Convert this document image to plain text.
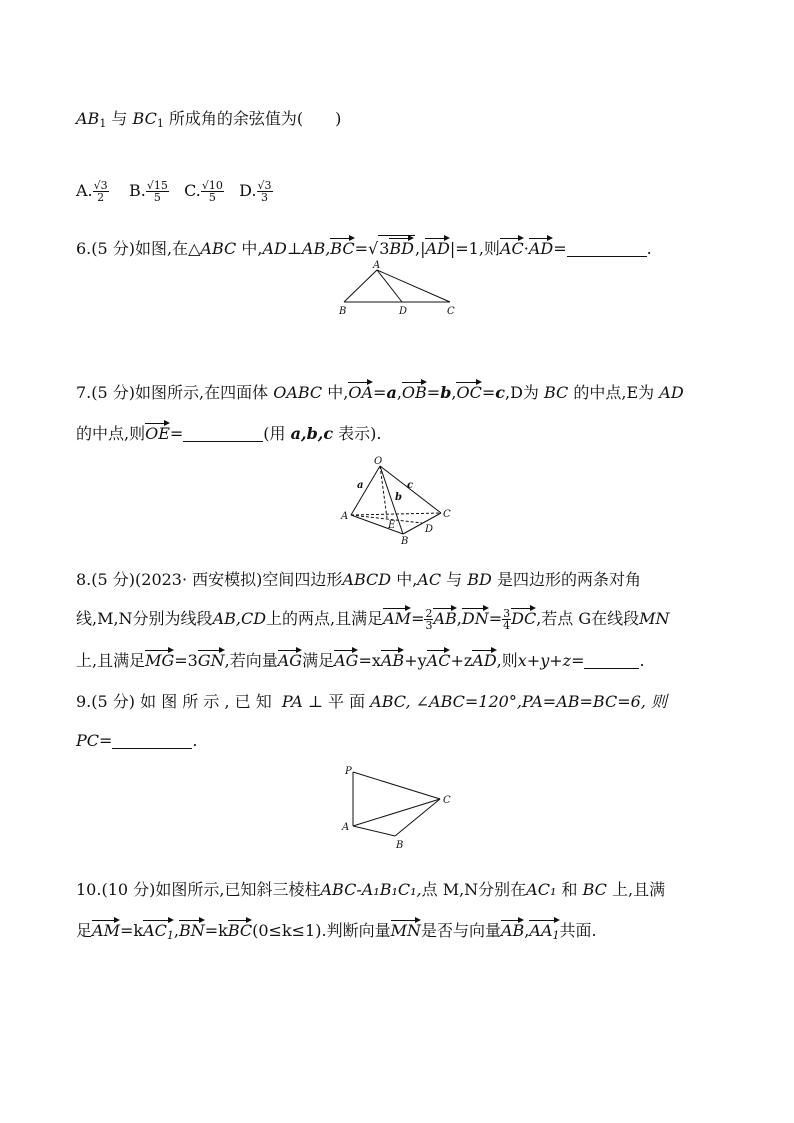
$AB_1$ 与 $BC_1$ 所成角的余弦值为(　　)
A. $\frac{√3}{2} B$. $\frac{√15}{5} C$. $\frac{√10}{5} D$. $\frac{√3}{3}$
6.(5 分)如图,在△ABC 中,AD⊥AB,BC=√3BD,|AD|=1,则AC·AD=	.
A
B	D	C
7.(5 分)如图所示,在四面体 OABC 中,OA=a,OB=b,OC=c,D为 BC 的中点,E为 AD
的中点,则OE=	(用 a,b,c 表示).
O
A
B
C
D
E
a
b
c
8.(5 分)(2023· 西安模拟)空间四边形ABCD 中,AC 与 BD 是四边形的两条对角
线,M,N分别为线段AB,CD上的两点,且满足$AM= \frac{2}{3} AB,DN= \frac{3}{4}$ DC,若点 G在线段MN
上,且满足MG=3GN,若向量AG满足AG=xAB+yAC+zAD,则x+y+z=	.
9.(5 分) 如 图 所 示 , 已 知 PA ⊥ 平 面 ABC, ∠ABC=120°,PA=AB=BC=6, 则
PC=	.
P
A
B
C
10.(10 分)如图所示,已知斜三棱柱ABC-A₁B₁C₁,点 M,N分别在AC₁ 和 BC 上,且满
足AM=kAC$_1$,BN=kBC(0≤k≤1).判断向量MN是否与向量$AB,AA_1$共面.
